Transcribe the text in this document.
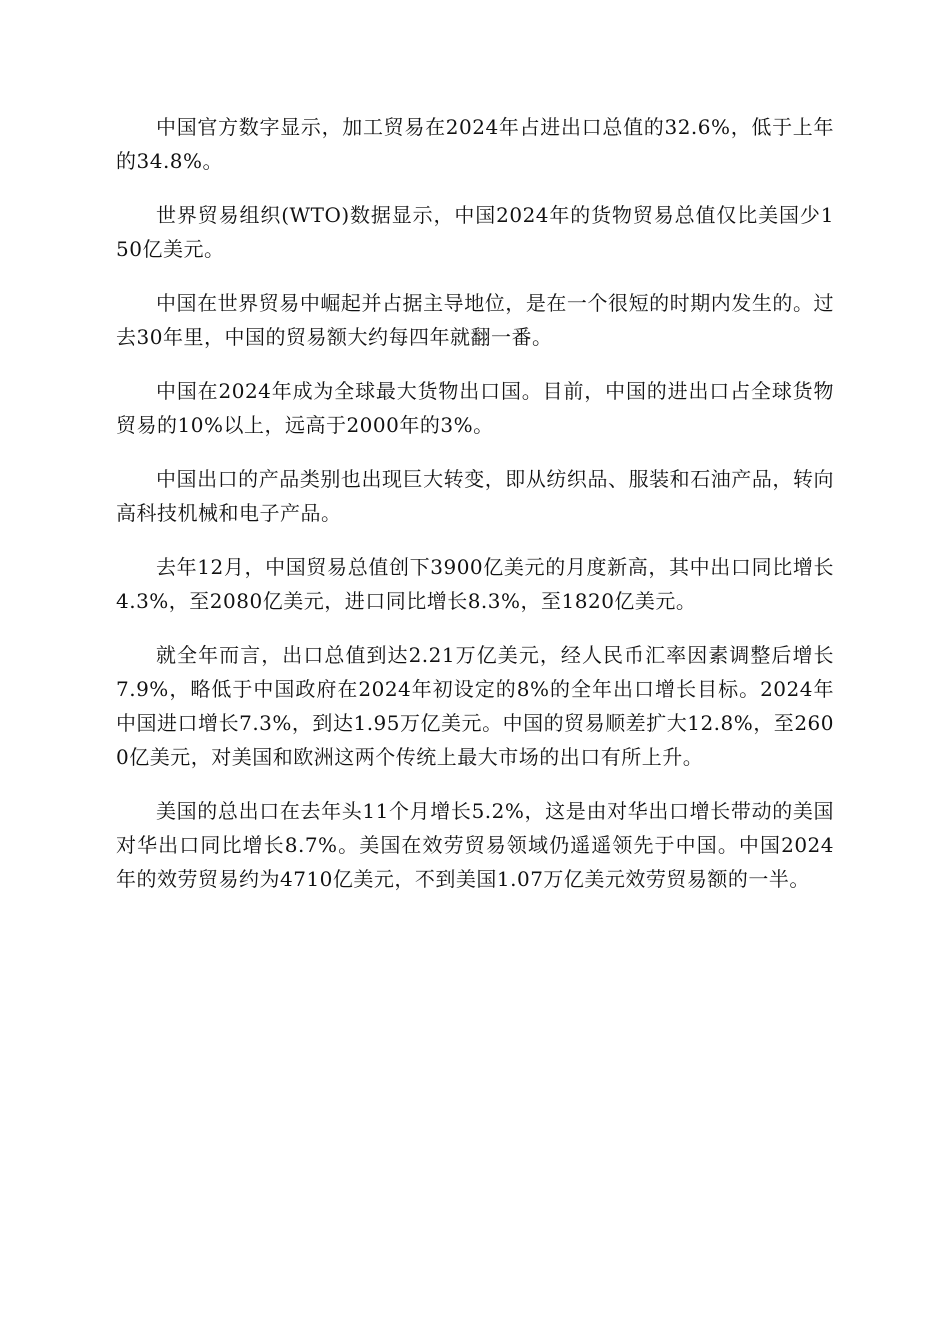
中国官方数字显示，加工贸易在2024年占进出口总值的32.6%，低于上年的34.8%。

世界贸易组织(WTO)数据显示，中国2024年的货物贸易总值仅比美国少150亿美元。

中国在世界贸易中崛起并占据主导地位，是在一个很短的时期内发生的。过去30年里，中国的贸易额大约每四年就翻一番。

中国在2024年成为全球最大货物出口国。目前，中国的进出口占全球货物贸易的10%以上，远高于2000年的3%。

中国出口的产品类别也出现巨大转变，即从纺织品、服装和石油产品，转向高科技机械和电子产品。

去年12月，中国贸易总值创下3900亿美元的月度新高，其中出口同比增长4.3%，至2080亿美元，进口同比增长8.3%，至1820亿美元。

就全年而言，出口总值到达2.21万亿美元，经人民币汇率因素调整后增长7.9%，略低于中国政府在2024年初设定的8%的全年出口增长目标。2024年中国进口增长7.3%，到达1.95万亿美元。中国的贸易顺差扩大12.8%，至2600亿美元，对美国和欧洲这两个传统上最大市场的出口有所上升。

美国的总出口在去年头11个月增长5.2%，这是由对华出口增长带动的美国对华出口同比增长8.7%。美国在效劳贸易领域仍遥遥领先于中国。中国2024年的效劳贸易约为4710亿美元，不到美国1.07万亿美元效劳贸易额的一半。
